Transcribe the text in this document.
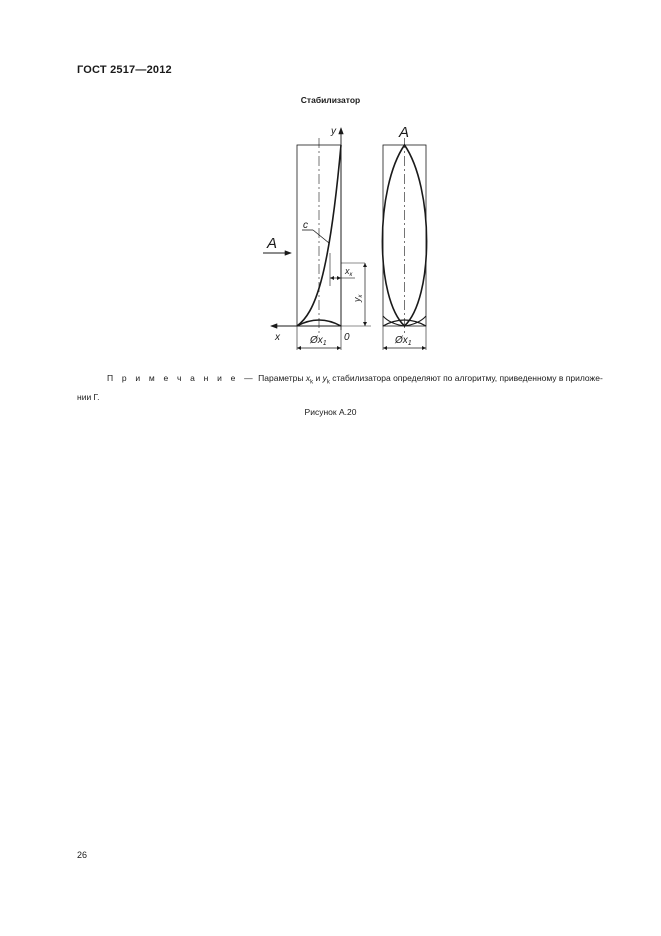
ГОСТ 2517—2012
Стабилизатор
y
x	0
A
A
c
$x_к$
$y_к$
$Øx_1$	$Øx_1$
П р и м е ч а н и е — Параметры $x_k$ и $y_k$ стабилизатора определяют по алгоритму, приведенному в приложе-
нии Г.
Рисунок А.20
26
